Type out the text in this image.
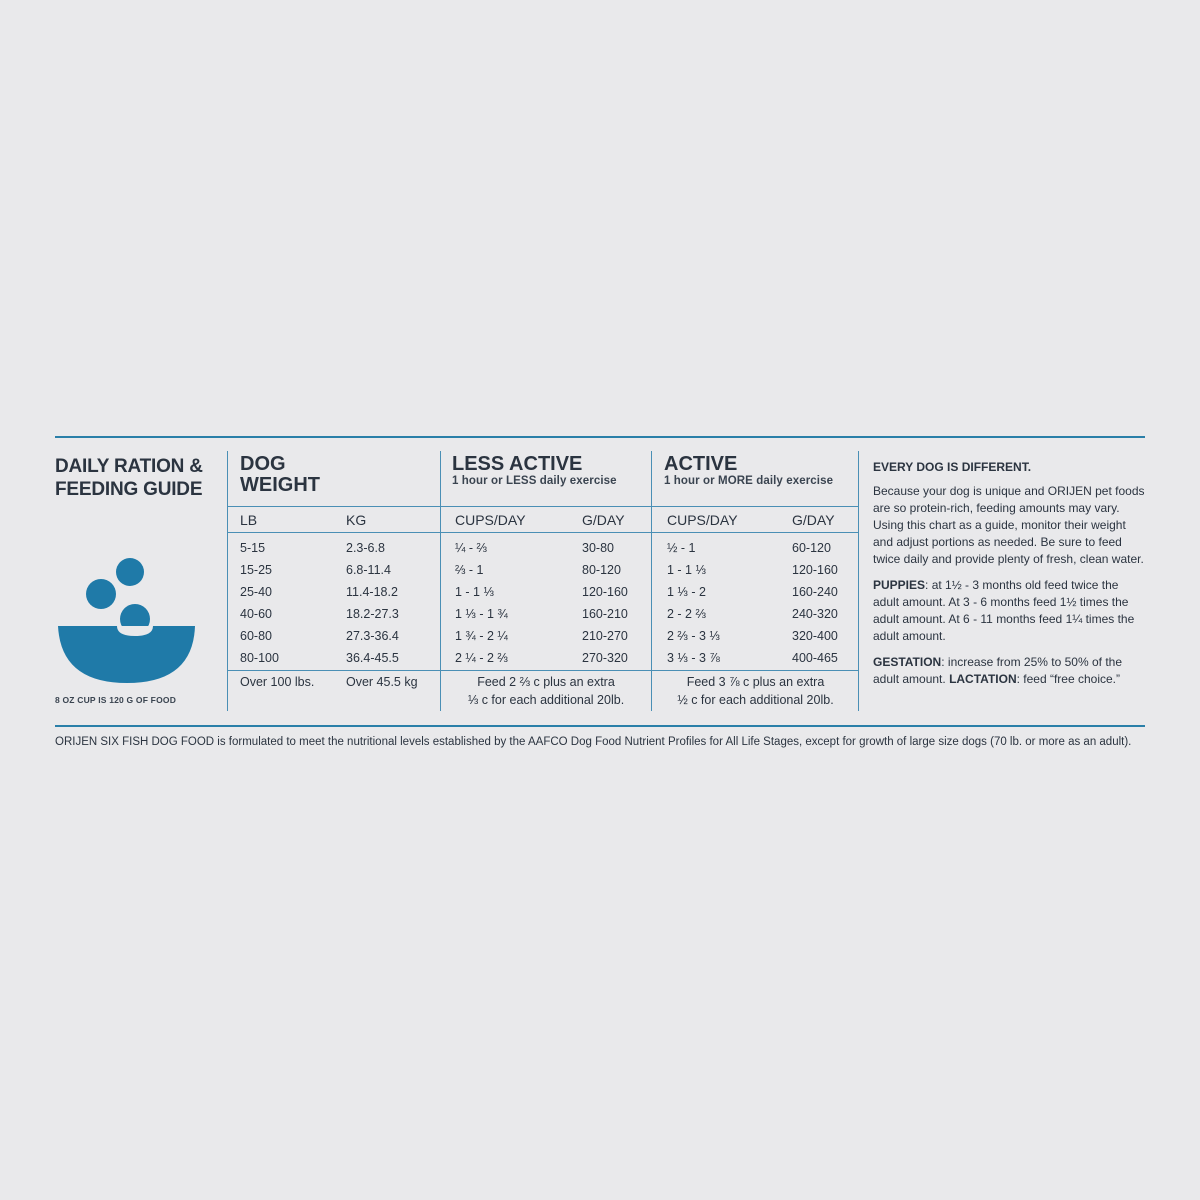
DAILY RATION &
FEEDING GUIDE
8 OZ CUP IS 120 G OF FOOD
DOG
WEIGHT
LB	KG
LESS ACTIVE
1 hour or LESS daily exercise
CUPS/DAY	G/DAY
ACTIVE
1 hour or MORE daily exercise
CUPS/DAY	G/DAY
5-15	2.3-6.8	¼ - ⅔	30-80	½ - 1	60-120
15-25	6.8-11.4	⅔ - 1	80-120	1 - 1 ⅓	120-160
25-40	11.4-18.2	1 - 1 ⅓	120-160	1 ⅓ - 2	160-240
40-60	18.2-27.3	1 ⅓ - 1 ¾	160-210	2 - 2 ⅔	240-320
60-80	27.3-36.4	1 ¾ - 2 ¼	210-270	2 ⅔ - 3 ⅓	320-400
80-100	36.4-45.5	2 ¼ - 2 ⅔	270-320	3 ⅓ - 3 ⅞	400-465
Over 100 lbs.	Over 45.5 kg	Feed 2 ⅔ c plus an extra
⅓ c for each additional 20lb.
Feed 3 ⅞ c plus an extra
½ c for each additional 20lb.
EVERY DOG IS DIFFERENT.
Because your dog is unique and ORIJEN pet foods are so protein-rich, feeding amounts may vary. Using this chart as a guide, monitor their weight and adjust portions as needed. Be sure to feed twice daily and provide plenty of fresh, clean water.
PUPPIES: at 1½ - 3 months old feed twice the adult amount. At 3 - 6 months feed 1½ times the adult amount. At 6 - 11 months feed 1¼ times the adult amount.
GESTATION: increase from 25% to 50% of the adult amount. LACTATION: feed “free choice.”
ORIJEN SIX FISH DOG FOOD is formulated to meet the nutritional levels established by the AAFCO Dog Food Nutrient Profiles for All Life Stages, except for growth of large size dogs (70 lb. or more as an adult).
